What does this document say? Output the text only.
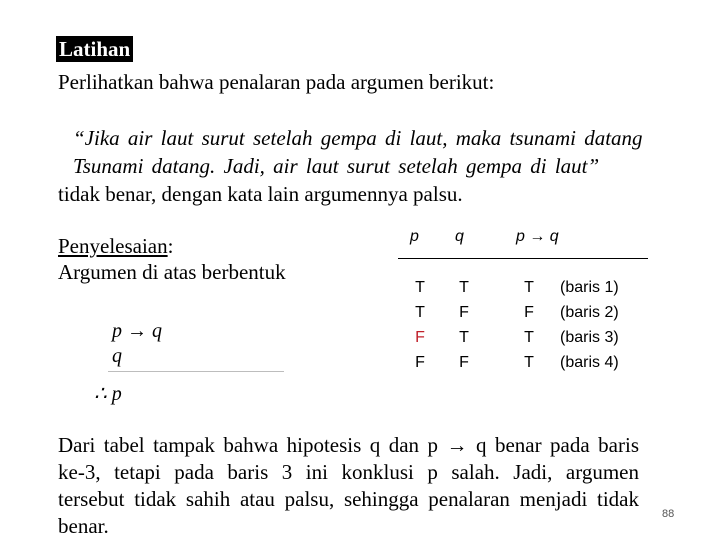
Latihan
Perlihatkan bahwa penalaran pada argumen berikut:
“Jika air laut surut setelah gempa di laut, maka tsunami datang
Tsunami datang. Jadi, air laut surut setelah gempa di laut”
tidak benar, dengan kata lain argumennya palsu.
Penyelesaian:
Argumen di atas berbentuk
p → q
q
∴ p
p q	p → q
T	T	T	(baris 1)
T	F	F	(baris 2)
F	T	T	(baris 3)
F	F	T	(baris 4)
Dari tabel tampak bahwa hipotesis q dan p → q benar pada baris ke-3, tetapi pada baris 3 ini konklusi p salah. Jadi, argumen tersebut tidak sahih atau palsu, sehingga penalaran menjadi tidak benar.	88
